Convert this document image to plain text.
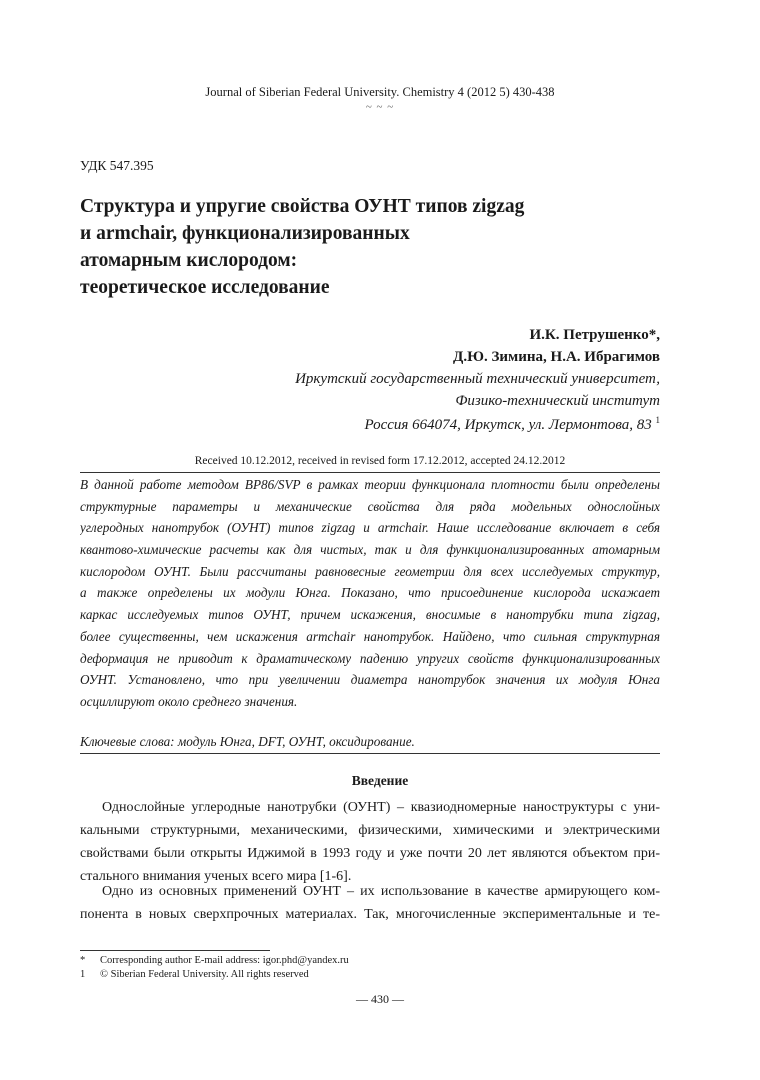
Journal of Siberian Federal University. Chemistry 4 (2012 5) 430-438
~ ~ ~
УДК 547.395
Структура и упругие свойства ОУНТ типов zigzag
и armchair, функционализированных
атомарным кислородом:
теоретическое исследование
И.К. Петрушенко*,
Д.Ю. Зимина, Н.А. Ибрагимов
Иркутский государственный технический университет,
Физико-технический институт
Россия 664074, Иркутск, ул. Лермонтова, 83 $^1$
Received 10.12.2012, received in revised form 17.12.2012, accepted 24.12.2012
В данной работе методом BP86/SVP в рамках теории функционала плотности были определены
структурные параметры и механические свойства для ряда модельных однослойных
углеродных нанотрубок (ОУНТ) типов zigzag и armchair. Наше исследование включает в себя
квантово-химические расчеты как для чистых, так и для функционализированных атомарным
кислородом ОУНТ. Были рассчитаны равновесные геометрии для всех исследуемых структур,
а также определены их модули Юнга. Показано, что присоединение кислорода искажает
каркас исследуемых типов ОУНТ, причем искажения, вносимые в нанотрубки типа zigzag,
более существенны, чем искажения armchair нанотрубок. Найдено, что сильная структурная
деформация не приводит к драматическому падению упругих свойств функционализированных
ОУНТ. Установлено, что при увеличении диаметра нанотрубок значения их модуля Юнга
осциллируют около среднего значения.
Ключевые слова: модуль Юнга, DFT, ОУНТ, оксидирование.
Введение
Однослойные углеродные нанотрубки (ОУНТ) – квазиодномерные наноструктуры с уни-
кальными структурными, механическими, физическими, химическими и электрическими
свойствами были открыты Иджимой в 1993 году и уже почти 20 лет являются объектом при-
стального внимания ученых всего мира [1-6].
Одно из основных применений ОУНТ – их использование в качестве армирующего ком-
понента в новых сверхпрочных материалах. Так, многочисленные экспериментальные и те-
* Corresponding author E-mail address: igor.phd@yandex.ru
1 © Siberian Federal University. All rights reserved
— 430 —
